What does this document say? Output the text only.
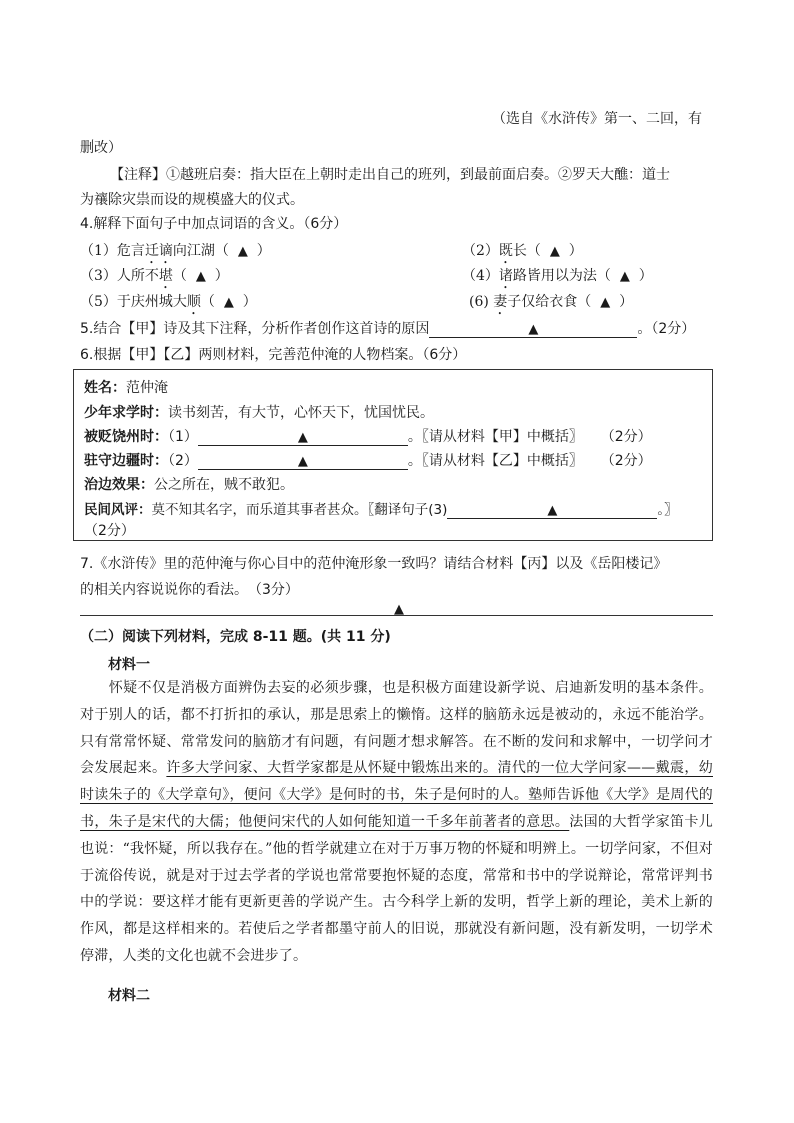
（选自《水浒传》第一、二回，有
删改）
【注释】①越班启奏：指大臣在上朝时走出自己的班列，到最前面启奏。②罗天大醮：道士
为禳除灾祟而设的规模盛大的仪式。
4.解释下面句子中加点词语的含义。（6分）
（1）危言迁谪向江湖（ ▲ ）	（2）既长（ ▲ ）
（3）人所不堪（ ▲ ）	（4）诸路皆用以为法（ ▲ ）
（5）于庆州城大顺（ ▲ ）	(6) 妻子仅给衣食（ ▲ ）
5.结合【甲】诗及其下注释，分析作者创作这首诗的原因	▲	。（2分）
6.根据【甲】【乙】两则材料，完善范仲淹的人物档案。（6分）
姓名：范仲淹
少年求学时：读书刻苦，有大节，心怀天下，忧国忧民。
被贬饶州时：（1）	▲	。〖请从材料【甲】中概括〗 （2分）
驻守边疆时：（2）	▲	。〖请从材料【乙】中概括〗 （2分）
治边效果：公之所在，贼不敢犯。
民间风评：莫不知其名字，而乐道其事者甚众。〖翻译句子(3)	▲	。〗
（2分）
7.《水浒传》里的范仲淹与你心目中的范仲淹形象一致吗？请结合材料【丙】以及《岳阳楼记》
的相关内容说说你的看法。　（3分）
▲
（二）阅读下列材料，完成 8-11 题。(共 11 分)
材料一
　　怀疑不仅是消极方面辨伪去妄的必须步骤，也是积极方面建设新学说、启迪新发明的基本条件。对于别人的话，都不打折扣的承认，那是思索上的懒惰。这样的脑筋永远是被动的，永远不能治学。只有常常怀疑、常常发问的脑筋才有问题，有问题才想求解答。在不断的发问和求解中，一切学问才会发展起来。许多大学问家、大哲学家都是从怀疑中锻炼出来的。清代的一位大学问家——戴震，幼时读朱子的《大学章句》，便问《大学》是何时的书，朱子是何时的人。塾师告诉他《大学》是周代的书，朱子是宋代的大儒；他便问宋代的人如何能知道一千多年前著者的意思。法国的大哲学家笛卡儿也说：“我怀疑，所以我存在。”他的哲学就建立在对于万事万物的怀疑和明辨上。一切学问家，不但对于流俗传说，就是对于过去学者的学说也常常要抱怀疑的态度，常常和书中的学说辩论，常常评判书中的学说：要这样才能有更新更善的学说产生。古今科学上新的发明，哲学上新的理论，美术上新的作风，都是这样相来的。若使后之学者都墨守前人的旧说，那就没有新问题，没有新发明，一切学术停滞，人类的文化也就不会进步了。
材料二
